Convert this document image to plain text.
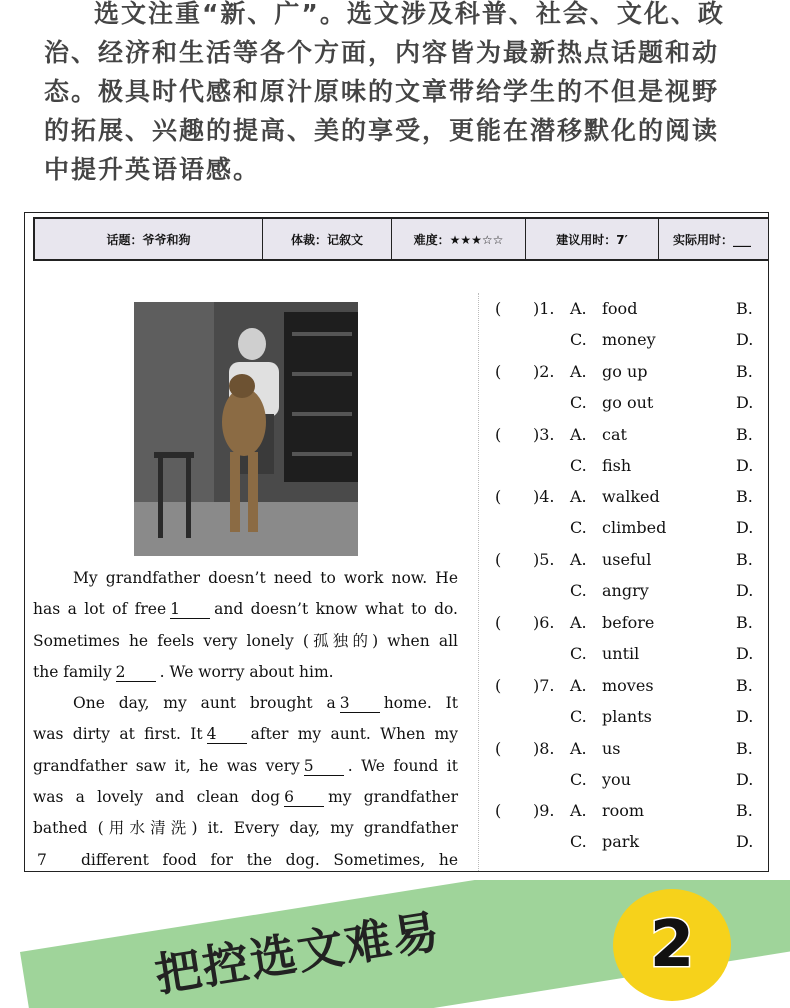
选文注重“新、广”。选文涉及科普、社会、文化、政
治、经济和生活等各个方面，内容皆为最新热点话题和动
态。极具时代感和原汁原味的文章带给学生的不但是视野
的拓展、兴趣的提高、美的享受，更能在潜移默化的阅读
中提升英语语感。
话题：爷爷和狗	体裁：记叙文	难度：★★★☆☆	建议用时：7′	实际用时：___
My grandfather doesn’t need to work now. He
has a lot of free 1 and doesn’t know what to do.
Sometimes he feels very lonely (孤独的) when all
the family 2 . We worry about him.
One day, my aunt brought a 3 home. It
was dirty at first. It 4 after my aunt. When my
grandfather saw it, he was very 5 . We found it
was a lovely and clean dog 6 my grandfather
bathed (用水清洗) it. Every day, my grandfather
7 different food for the dog. Sometimes, he
( )1. A. food	B.
C. money	D.
( )2. A. go up	B.
C. go out	D.
( )3. A. cat	B.
C. fish	D.
( )4. A. walked	B.
C. climbed	D.
( )5. A. useful	B.
C. angry	D.
( )6. A. before	B.
C. until	D.
( )7. A. moves	B.
C. plants	D.
( )8. A. us	B.
C. you	D.
( )9. A. room	B.
C. park	D.
把控选文难易	2
